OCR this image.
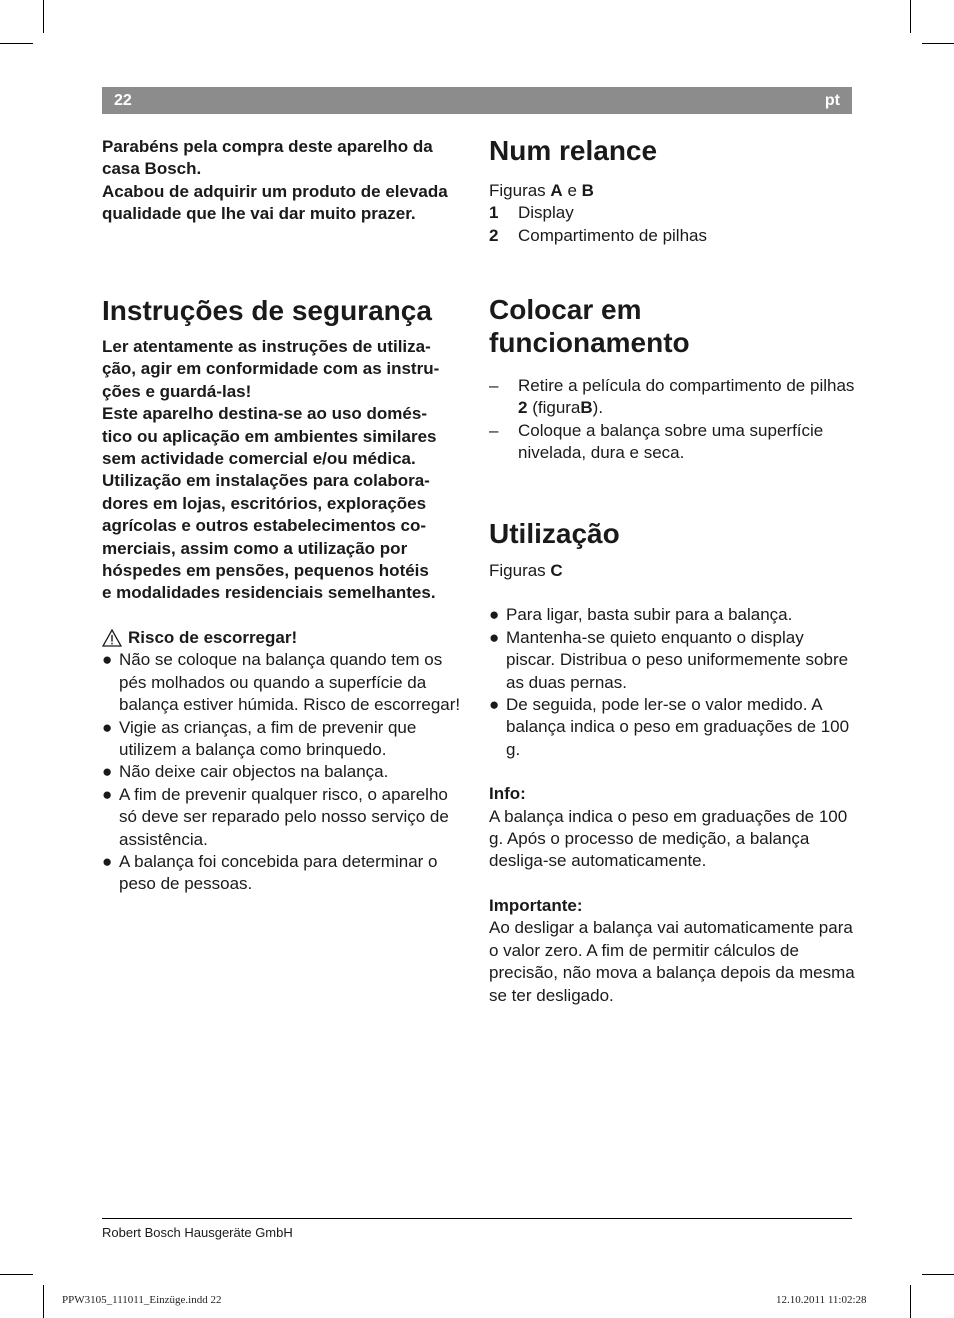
22	pt
Parabéns pela compra deste aparelho da casa Bosch.
Acabou de adquirir um produto de elevada qualidade que lhe vai dar muito prazer.
Instruções de segurança
Ler atentamente as instruções de utiliza-
ção, agir em conformidade com as instru-
ções e guardá-las!
Este aparelho destina-se ao uso domés-
tico ou aplicação em ambientes similares
sem actividade comercial e/ou médica.
Utilização em instalações para colabora-
dores em lojas, escritórios, explorações
agrícolas e outros estabelecimentos co-
merciais, assim como a utilização por
hóspedes em pensões, pequenos hotéis
e modalidades residenciais semelhantes.
Risco de escorregar!
● Não se coloque na balança quando tem os pés molhados ou quando a superfície da balança estiver húmida. Risco de escorregar!
● Vigie as crianças, a fim de prevenir que utilizem a balança como brinquedo.
● Não deixe cair objectos na balança.
● A fim de prevenir qualquer risco, o aparelho só deve ser reparado pelo nosso serviço de assistência.
● A balança foi concebida para determinar o peso de pessoas.
Num relance
Figuras A e B
1 Display
2 Compartimento de pilhas
Colocar em
funcionamento
– Retire a película do compartimento de pilhas 2 (figuraB).
– Coloque a balança sobre uma superfície nivelada, dura e seca.
Utilização
Figuras C
● Para ligar, basta subir para a balança.
● Mantenha-se quieto enquanto o display piscar. Distribua o peso uniformemente sobre as duas pernas.
● De seguida, pode ler-se o valor medido. A balança indica o peso em graduações de 100 g.
Info:
A balança indica o peso em graduações de 100 g. Após o processo de medição, a balança desliga-se automaticamente.
Importante:
Ao desligar a balança vai automaticamente para o valor zero. A fim de permitir cálculos de precisão, não mova a balança depois da mesma se ter desligado.
Robert Bosch Hausgeräte GmbH
PPW3105_111011_Einzüge.indd 22	12.10.2011 11:02:28
